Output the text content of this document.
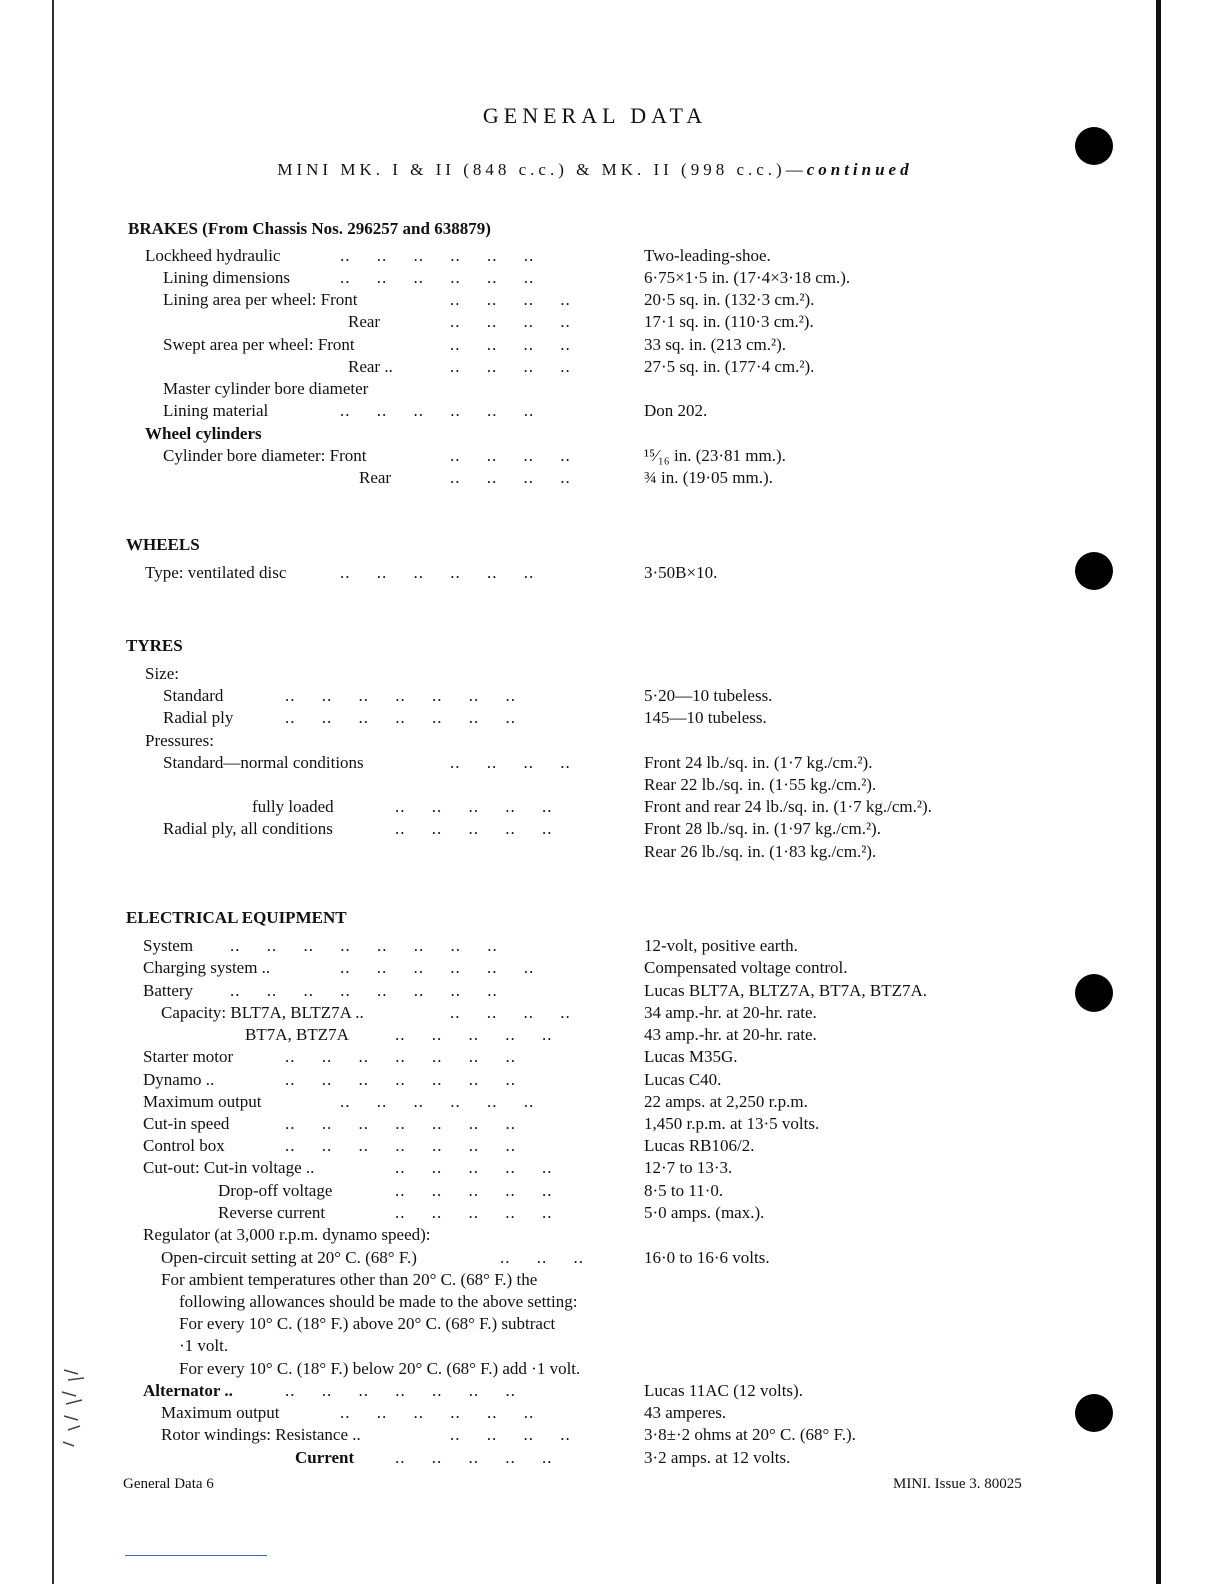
GENERAL DATA
MINI MK. I & II (848 c.c.) & MK. II (998 c.c.)—continued
BRAKES (From Chassis Nos. 296257 and 638879)
Lockheed hydraulic	..     ..     ..     ..     ..     ..	Two-leading-shoe.
Lining dimensions	..     ..     ..     ..     ..     ..	6·75×1·5 in. (17·4×3·18 cm.).
Lining area per wheel: Front	..     ..     ..     ..	20·5 sq. in. (132·3 cm.²).
Rear	..     ..     ..     ..	17·1 sq. in. (110·3 cm.²).
Swept area per wheel: Front	..     ..     ..     ..	33 sq. in. (213 cm.²).
Rear ..	..     ..     ..     ..	27·5 sq. in. (177·4 cm.²).
Master cylinder bore diameter
Lining material	..     ..     ..     ..     ..     ..	Don 202.
Wheel cylinders
Cylinder bore diameter: Front	..     ..     ..     ..	¹⁵⁄₁₆ in. (23·81 mm.).
Rear	..     ..     ..     ..	¾ in. (19·05 mm.).
WHEELS
Type: ventilated disc	..     ..     ..     ..     ..     ..	3·50B×10.
TYRES
Size:
Standard	..     ..     ..     ..     ..     ..     ..	5·20—10 tubeless.
Radial ply	..     ..     ..     ..     ..     ..     ..	145—10 tubeless.
Pressures:
Standard—normal conditions	..     ..     ..     ..	Front 24 lb./sq. in. (1·7 kg./cm.²).
Rear 22 lb./sq. in. (1·55 kg./cm.²).
fully loaded	..     ..     ..     ..     ..	Front and rear 24 lb./sq. in. (1·7 kg./cm.²).
Radial ply, all conditions	..     ..     ..     ..     ..	Front 28 lb./sq. in. (1·97 kg./cm.²).
Rear 26 lb./sq. in. (1·83 kg./cm.²).
ELECTRICAL EQUIPMENT
System ..     ..     ..     ..     ..     ..     ..     ..	12-volt, positive earth.
Charging system ..	..     ..     ..     ..     ..     ..	Compensated voltage control.
Battery ..     ..     ..     ..     ..     ..     ..     ..	Lucas BLT7A, BLTZ7A, BT7A, BTZ7A.
Capacity: BLT7A, BLTZ7A ..	..     ..     ..     ..	34 amp.-hr. at 20-hr. rate.
BT7A, BTZ7A	..     ..     ..     ..     ..	43 amp.-hr. at 20-hr. rate.
Starter motor	..     ..     ..     ..     ..     ..     ..	Lucas M35G.
Dynamo ..	..     ..     ..     ..     ..     ..     ..	Lucas C40.
Maximum output	..     ..     ..     ..     ..     ..	22 amps. at 2,250 r.p.m.
Cut-in speed	..     ..     ..     ..     ..     ..     ..	1,450 r.p.m. at 13·5 volts.
Control box	..     ..     ..     ..     ..     ..     ..	Lucas RB106/2.
Cut-out: Cut-in voltage ..	..     ..     ..     ..     ..	12·7 to 13·3.
Drop-off voltage	..     ..     ..     ..     ..	8·5 to 11·0.
Reverse current	..     ..     ..     ..     ..	5·0 amps. (max.).
Regulator (at 3,000 r.p.m. dynamo speed):
Open-circuit setting at 20° C. (68° F.)	..     ..     ..	16·0 to 16·6 volts.
For ambient temperatures other than 20° C. (68° F.) the
following allowances should be made to the above setting:
For every 10° C. (18° F.) above 20° C. (68° F.) subtract
·1 volt.
For every 10° C. (18° F.) below 20° C. (68° F.) add ·1 volt.
Alternator ..	..     ..     ..     ..     ..     ..     ..	Lucas 11AC (12 volts).
Maximum output	..     ..     ..     ..     ..     ..	43 amperes.
Rotor windings: Resistance ..	..     ..     ..     ..	3·8±·2 ohms at 20° C. (68° F.).
Current ..     ..     ..     ..     ..	3·2 amps. at 12 volts.
General Data 6	MINI. Issue 3. 80025
